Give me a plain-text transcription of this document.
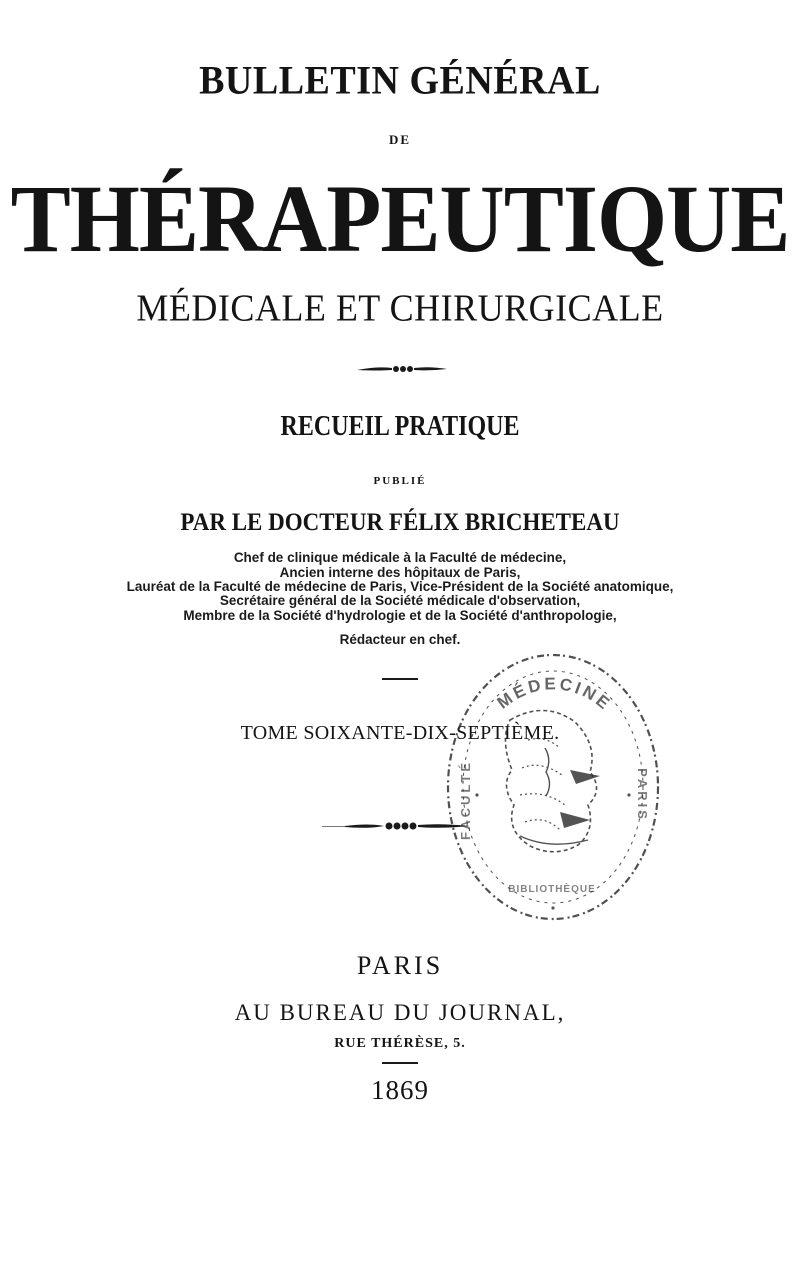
BULLETIN GÉNÉRAL
DE
THÉRAPEUTIQUE
MÉDICALE ET CHIRURGICALE
RECUEIL PRATIQUE
PUBLIÉ
PAR LE DOCTEUR FÉLIX BRICHETEAU
Chef de clinique médicale à la Faculté de médecine,
Ancien interne des hôpitaux de Paris,
Lauréat de la Faculté de médecine de Paris, Vice-Président de la Société anatomique,
Secrétaire général de la Société médicale d'observation,
Membre de la Société d'hydrologie et de la Société d'anthropologie,
Rédacteur en chef.
TOME SOIXANTE-DIX-SEPTIÈME.
MÉDECINE
FACULTÉ	PARIS
BIBLIOTHÈQUE
PARIS
AU BUREAU DU JOURNAL,
RUE THÉRÈSE, 5.
1869
